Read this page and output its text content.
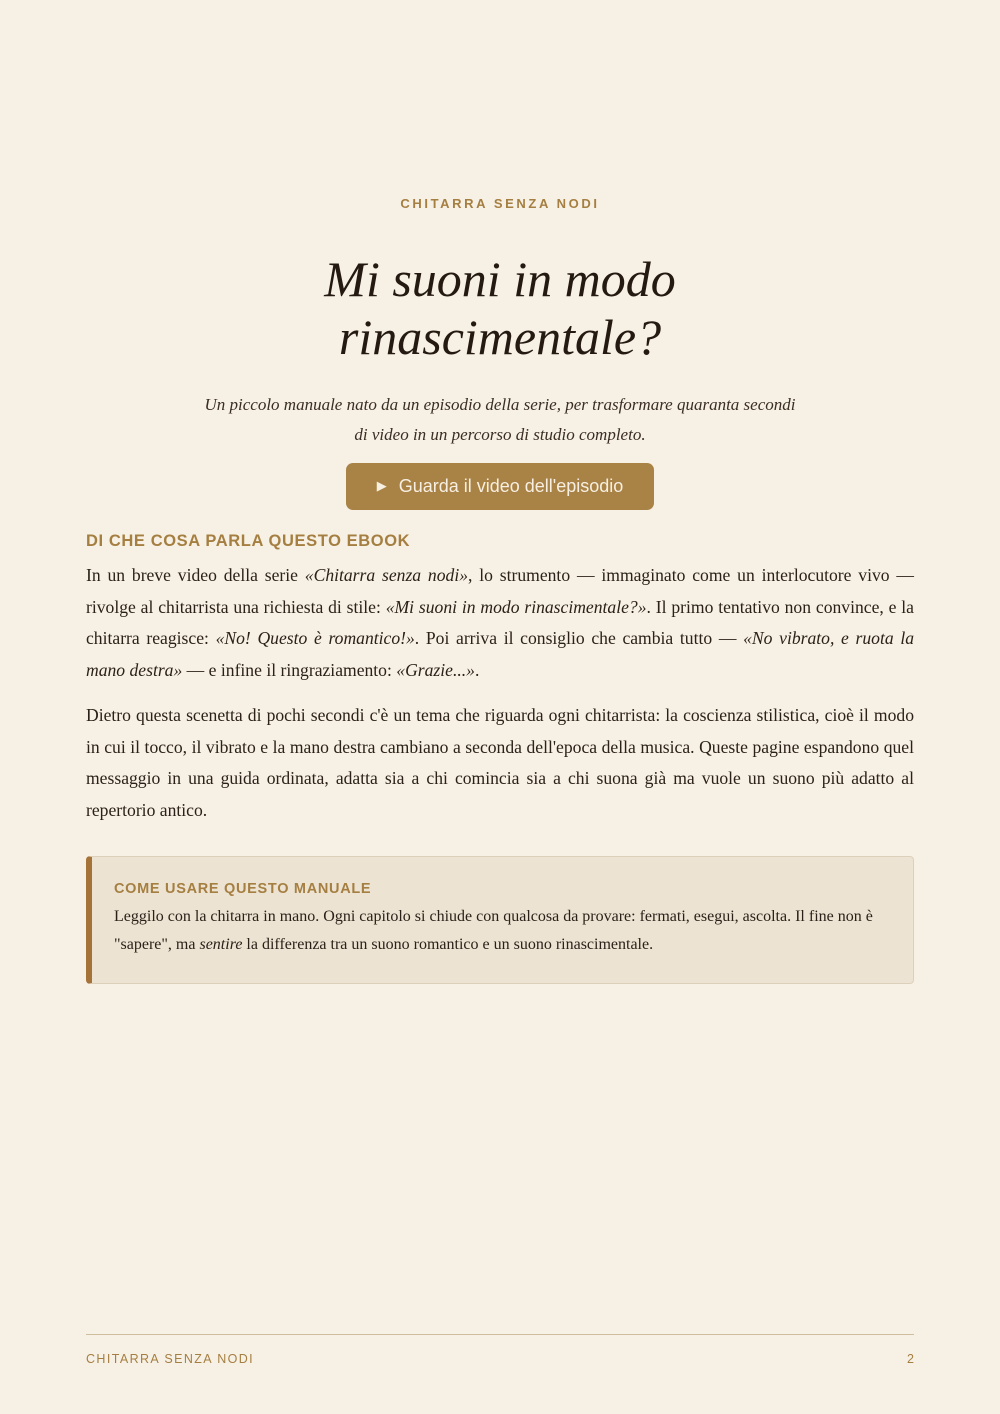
CHITARRA SENZA NODI
Mi suoni in modo
rinascimentale?
Un piccolo manuale nato da un episodio della serie, per trasformare quaranta secondi di video in un percorso di studio completo.
▶ Guarda il video dell'episodio
DI CHE COSA PARLA QUESTO EBOOK

In un breve video della serie «Chitarra senza nodi», lo strumento — immaginato come un interlocutore vivo — rivolge al chitarrista una richiesta di stile: «Mi suoni in modo rinascimentale?». Il primo tentativo non convince, e la chitarra reagisce: «No! Questo è romantico!». Poi arriva il consiglio che cambia tutto — «No vibrato, e ruota la mano destra» — e infine il ringraziamento: «Grazie...».

Dietro questa scenetta di pochi secondi c'è un tema che riguarda ogni chitarrista: la coscienza stilistica, cioè il modo in cui il tocco, il vibrato e la mano destra cambiano a seconda dell'epoca della musica. Queste pagine espandono quel messaggio in una guida ordinata, adatta sia a chi comincia sia a chi suona già ma vuole un suono più adatto al repertorio antico.

COME USARE QUESTO MANUALE
Leggilo con la chitarra in mano. Ogni capitolo si chiude con qualcosa da provare: fermati, esegui, ascolta. Il fine non è "sapere", ma sentire la differenza tra un suono romantico e un suono rinascimentale.
CHITARRA SENZA NODI	2
